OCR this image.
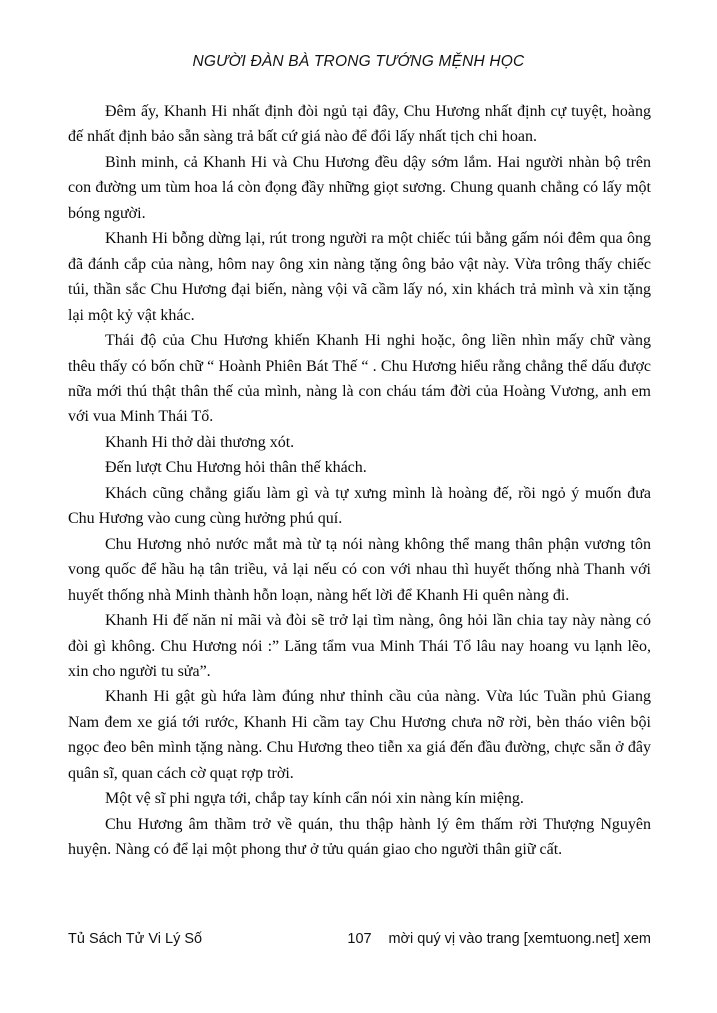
NGƯỜI ĐÀN BÀ TRONG TƯỚNG MỆNH HỌC

Đêm ấy, Khanh Hi nhất định đòi ngủ tại đây, Chu Hương nhất định cự tuyệt, hoàng đế nhất định bảo sẵn sàng trả bất cứ giá nào để đổi lấy nhất tịch chi hoan.

Bình minh, cả Khanh Hi và Chu Hương đều dậy sớm lắm. Hai người nhàn bộ trên con đường um tùm hoa lá còn đọng đầy những giọt sương. Chung quanh chẳng có lấy một bóng người.

Khanh Hi bỗng dừng lại, rút trong người ra một chiếc túi bằng gấm nói đêm qua ông đã đánh cắp của nàng, hôm nay ông xin nàng tặng ông bảo vật này. Vừa trông thấy chiếc túi, thần sắc Chu Hương đại biến, nàng vội vã cầm lấy nó, xin khách trả mình và xin tặng lại một kỷ vật khác.

Thái độ của Chu Hương khiến Khanh Hi nghi hoặc, ông liền nhìn mấy chữ vàng thêu thấy có bốn chữ “ Hoành Phiên Bát Thế “ . Chu Hương hiểu rằng chẳng thể dấu được nữa mới thú thật thân thế của mình, nàng là con cháu tám đời của Hoàng Vương, anh em với vua Minh Thái Tổ.

Khanh Hi thở dài thương xót.

Đến lượt Chu Hương hỏi thân thế khách.

Khách cũng chẳng giấu làm gì và tự xưng mình là hoàng đế, rồi ngỏ ý muốn đưa Chu Hương vào cung cùng hưởng phú quí.

Chu Hương nhỏ nước mắt mà từ tạ nói nàng không thể mang thân phận vương tôn vong quốc để hầu hạ tân triều, vả lại nếu có con với nhau thì huyết thống nhà Thanh với huyết thống nhà Minh thành hỗn loạn, nàng hết lời để Khanh Hi quên nàng đi.

Khanh Hi đế năn nỉ mãi và đòi sẽ trở lại tìm nàng, ông hỏi lần chia tay này nàng có đòi gì không. Chu Hương nói :” Lăng tẩm vua Minh Thái Tổ lâu nay hoang vu lạnh lẽo, xin cho người tu sửa”.

Khanh Hi gật gù hứa làm đúng như thỉnh cầu của nàng. Vừa lúc Tuần phủ Giang Nam đem xe giá tới rước, Khanh Hi cầm tay Chu Hương chưa nỡ rời, bèn tháo viên bội ngọc đeo bên mình tặng nàng. Chu Hương theo tiễn xa giá đến đầu đường, chực sẵn ở đây quân sĩ, quan cách cờ quạt rợp trời.

Một vệ sĩ phi ngựa tới, chắp tay kính cẩn nói xin nàng kín miệng.

Chu Hương âm thầm trở về quán, thu thập hành lý êm thấm rời Thượng Nguyên huyện. Nàng có để lại một phong thư ở tửu quán giao cho người thân giữ cất.

Tủ Sách Tử Vi Lý Số	107	mời quý vị vào trang [xemtuong.net] xem
